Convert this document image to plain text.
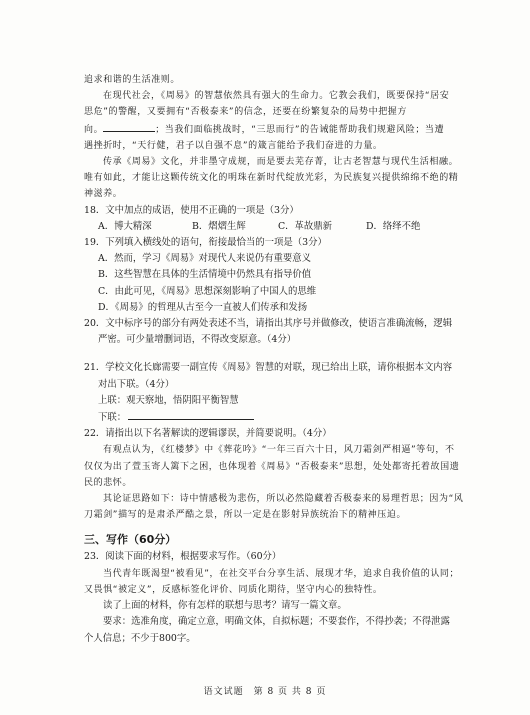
追求和谐的生活准则。
在现代社会，《周易》的智慧依然具有强大的生命力。它教会我们，既要保持“居安
思危”的警醒，又要拥有“否极泰来”的信念，还要在纷繁复杂的局势中把握方
向。	；当我们面临挑战时，“三思而行”的告诫能帮助我们规避风险；当遭
遇挫折时，“天行健，君子以自强不息”的箴言能给予我们奋进的力量。
传承《周易》文化，并非墨守成规，而是要去芜存菁，让古老智慧与现代生活相融。
唯有如此，才能让这颗传统文化的明珠在新时代绽放光彩，为民族复兴提供绵绵不绝的精
神滋养。
18．文中加点的成语，使用不正确的一项是（3分）
A．博大精深	B．熠熠生辉	C．革故鼎新	D．络绎不绝
19．下列填入横线处的语句，衔接最恰当的一项是（3分）
A．然而，学习《周易》对现代人来说仍有重要意义
B．这些智慧在具体的生活情境中仍然具有指导价值
C．由此可见，《周易》思想深刻影响了中国人的思维
D．《周易》的哲理从古至今一直被人们传承和发扬
20．文中标序号的部分有两处表述不当，请指出其序号并做修改，使语言准确流畅，逻辑
严密。可少量增删词语，不得改变原意。（4分）
21．学校文化长廊需要一副宣传《周易》智慧的对联，现已给出上联，请你根据本文内容
对出下联。（4分）
上联：观天察地，悟阴阳平衡智慧
下联：
22．请指出以下名著解读的逻辑谬误，并简要说明。（4分）
有观点认为，《红楼梦》中《葬花吟》“一年三百六十日，风刀霜剑严相逼”等句，不
仅仅为出了萱玉寄人篱下之困，也体现着《周易》“否极泰来”思想，处处都寄托着故国遗
民的悲怀。
其论证思路如下：诗中情感极为悲伤，所以必然隐藏着否极泰来的易理哲思；因为“风
刀霜剑”描写的是肃杀严酷之景，所以一定是在影射异族统治下的精神压迫。
三、写作（60分）
23．阅读下面的材料，根据要求写作。（60分）
当代青年既渴望“被看见”，在社交平台分享生活、展现才华，追求自我价值的认同；
又畏惧“被定义”，反感标签化评价、同质化期待，坚守内心的独特性。
读了上面的材料，你有怎样的联想与思考？请写一篇文章。
要求：选准角度，确定立意，明确文体，自拟标题；不要套作，不得抄袭；不得泄露
个人信息；不少于800字。
语文试题　第 8 页 共 8 页
